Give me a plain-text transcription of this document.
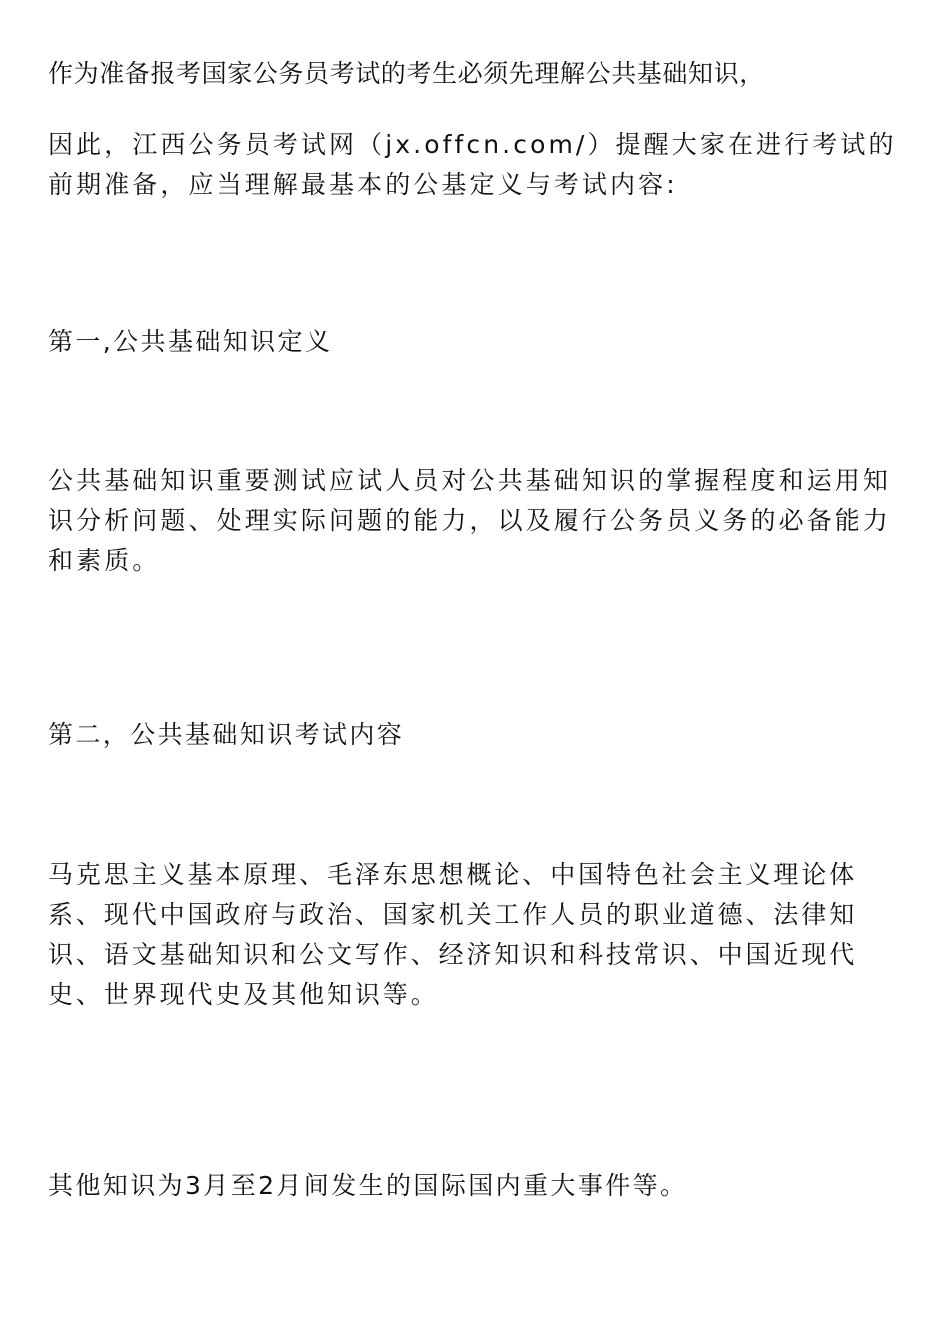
作为准备报考国家公务员考试的考生必须先理解公共基础知识，

因此，江西公务员考试网（jx.offcn.com/）提醒大家在进行考试的前期准备，应当理解最基本的公基定义与考试内容:

第一,公共基础知识定义

公共基础知识重要测试应试人员对公共基础知识的掌握程度和运用知识分析问题、处理实际问题的能力，以及履行公务员义务的必备能力和素质。

第二，公共基础知识考试内容

马克思主义基本原理、毛泽东思想概论、中国特色社会主义理论体系、现代中国政府与政治、国家机关工作人员的职业道德、法律知识、语文基础知识和公文写作、经济知识和科技常识、中国近现代史、世界现代史及其他知识等。

其他知识为3月至2月间发生的国际国内重大事件等。
